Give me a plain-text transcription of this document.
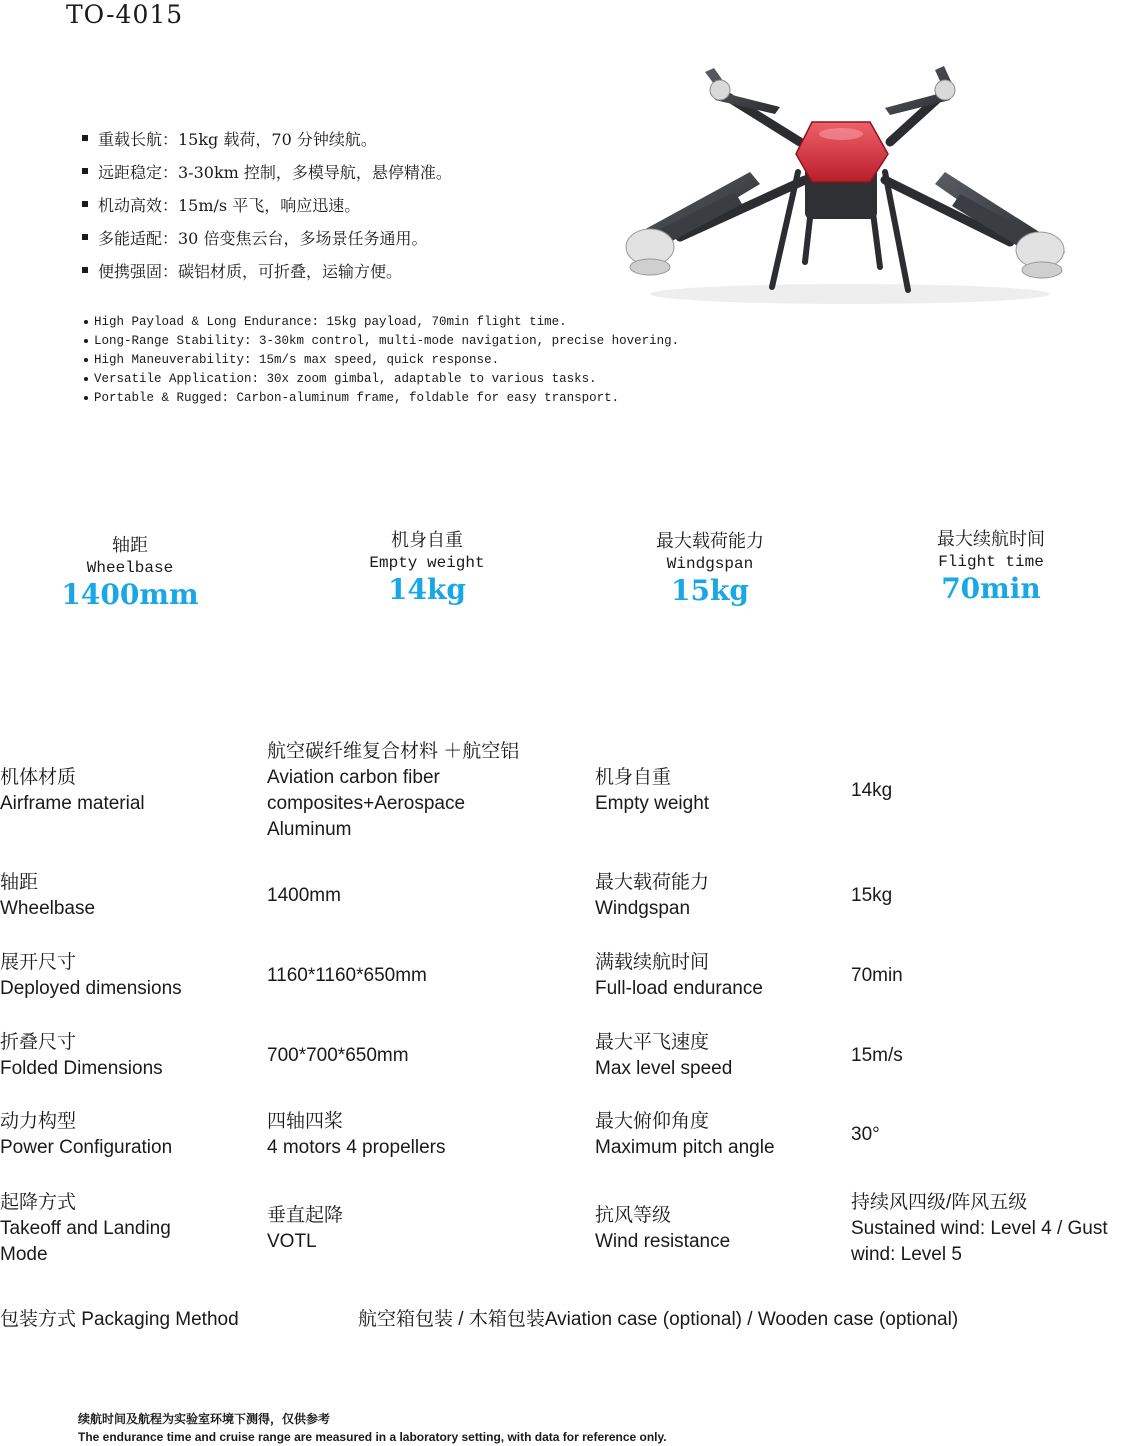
TO-4015
重载长航：15kg 载荷，70 分钟续航。
远距稳定：3-30km 控制，多模导航，悬停精准。
机动高效：15m/s 平飞，响应迅速。
多能适配：30 倍变焦云台，多场景任务通用。
便携强固：碳铝材质，可折叠，运输方便。
High Payload & Long Endurance: 15kg payload, 70min flight time.
Long-Range Stability: 3-30km control, multi-mode navigation, precise hovering.
High Maneuverability: 15m/s max speed, quick response.
Versatile Application: 30x zoom gimbal, adaptable to various tasks.
Portable & Rugged: Carbon-aluminum frame, foldable for easy transport.
轴距
Wheelbase
1400mm
机身自重
Empty weight
14kg
最大载荷能力
Windgspan
15kg
最大续航时间
Flight time
70min
机体材质
Airframe material
航空碳纤维复合材料 ＋航空铝
Aviation carbon fiber
composites+Aerospace
Aluminum
机身自重
Empty weight
14kg
轴距
Wheelbase
1400mm
最大载荷能力
Windgspan
15kg
展开尺寸
Deployed dimensions
1160*1160*650mm
满载续航时间
Full-load endurance
70min
折叠尺寸
Folded Dimensions
700*700*650mm
最大平飞速度
Max level speed
15m/s
动力构型
Power Configuration
四轴四桨
4 motors 4 propellers
最大俯仰角度
Maximum pitch angle
30°
起降方式
Takeoff and Landing
Mode
垂直起降
VOTL
抗风等级
Wind resistance
持续风四级/阵风五级
Sustained wind: Level 4 / Gust
wind: Level 5
包装方式 Packaging Method	航空箱包装 / 木箱包装Aviation case (optional) / Wooden case (optional)
续航时间及航程为实验室环境下测得，仅供参考
The endurance time and cruise range are measured in a laboratory setting, with data for reference only.
